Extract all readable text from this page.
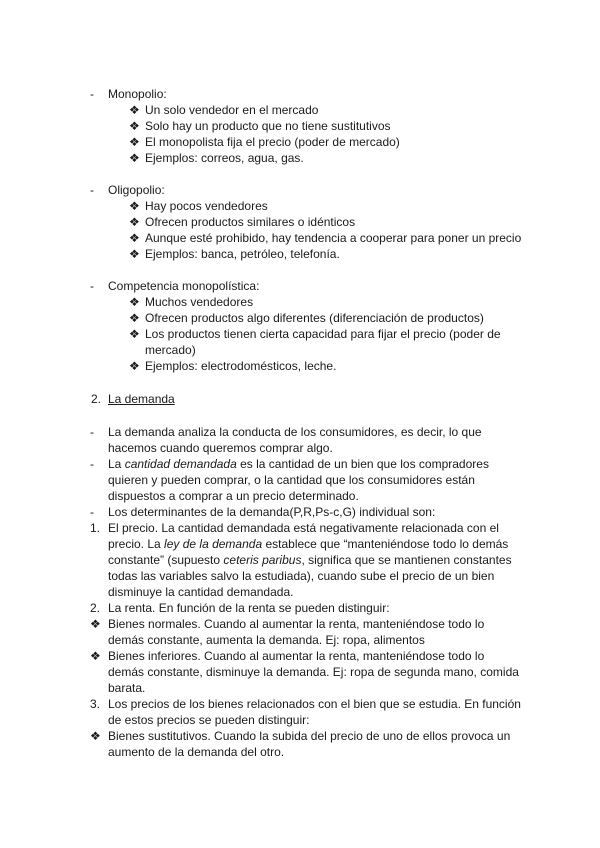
- Monopolio:
❖ Un solo vendedor en el mercado
❖ Solo hay un producto que no tiene sustitutivos
❖ El monopolista fija el precio (poder de mercado)
❖ Ejemplos: correos, agua, gas.
- Oligopolio:
❖ Hay pocos vendedores
❖ Ofrecen productos similares o idénticos
❖ Aunque esté prohibido, hay tendencia a cooperar para poner un precio
❖ Ejemplos: banca, petróleo, telefonía.
- Competencia monopolística:
❖ Muchos vendedores
❖ Ofrecen productos algo diferentes (diferenciación de productos)
❖ Los productos tienen cierta capacidad para fijar el precio (poder de
mercado)
❖ Ejemplos: electrodomésticos, leche.
2. La demanda
- La demanda analiza la conducta de los consumidores, es decir, lo que
hacemos cuando queremos comprar algo.
- La cantidad demandada es la cantidad de un bien que los compradores
quieren y pueden comprar, o la cantidad que los consumidores están
dispuestos a comprar a un precio determinado.
- Los determinantes de la demanda(P,R,Ps-c,G) individual son:
1. El precio. La cantidad demandada está negativamente relacionada con el
precio. La ley de la demanda establece que “manteniéndose todo lo demás
constante” (supuesto ceteris paribus, significa que se mantienen constantes
todas las variables salvo la estudiada), cuando sube el precio de un bien
disminuye la cantidad demandada.
2. La renta. En función de la renta se pueden distinguir:
❖ Bienes normales. Cuando al aumentar la renta, manteniéndose todo lo
demás constante, aumenta la demanda. Ej: ropa, alimentos
❖ Bienes inferiores. Cuando al aumentar la renta, manteniéndose todo lo
demás constante, disminuye la demanda. Ej: ropa de segunda mano, comida
barata.
3. Los precios de los bienes relacionados con el bien que se estudia. En función
de estos precios se pueden distinguir:
❖ Bienes sustitutivos. Cuando la subida del precio de uno de ellos provoca un
aumento de la demanda del otro.
